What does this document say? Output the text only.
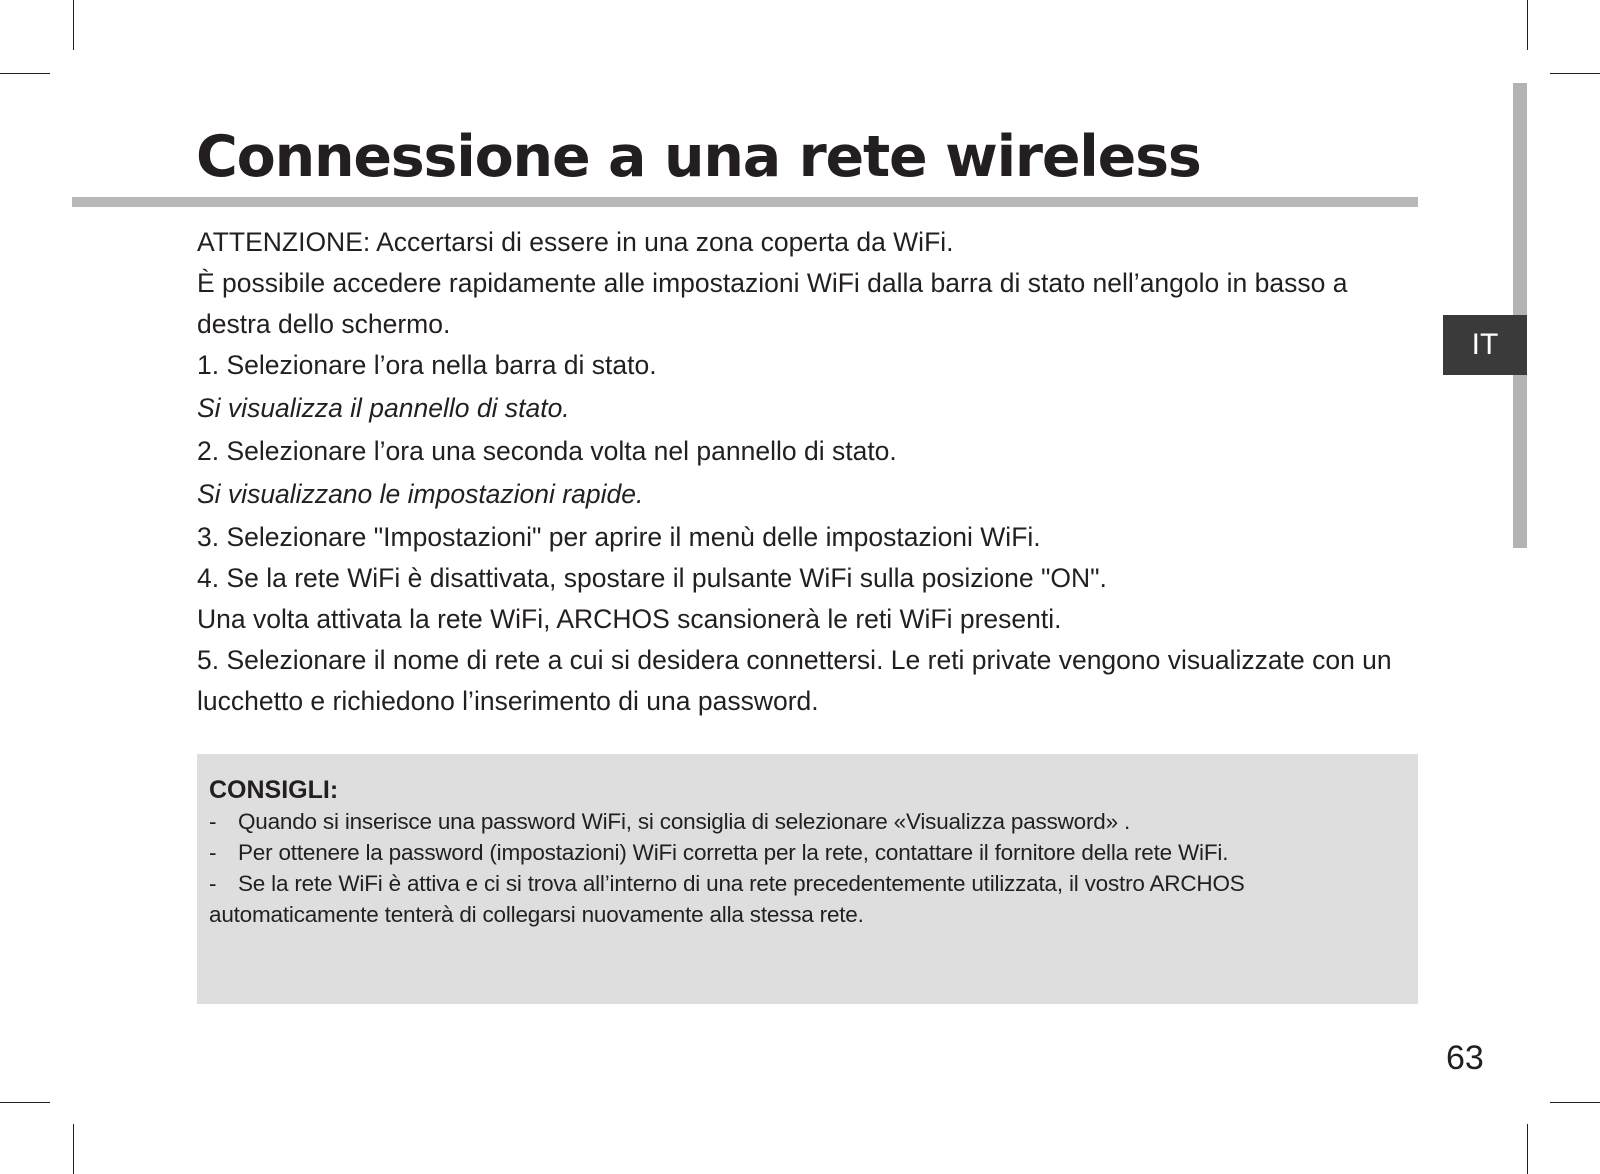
Connessione a una rete wireless
IT

ATTENZIONE: Accertarsi di essere in una zona coperta da WiFi.

È possibile accedere rapidamente alle impostazioni WiFi dalla barra di stato nell’angolo in basso a destra dello schermo.

1. Selezionare l’ora nella barra di stato.

Si visualizza il pannello di stato.

2. Selezionare l’ora una seconda volta nel pannello di stato.

Si visualizzano le impostazioni rapide.

3. Selezionare "Impostazioni" per aprire il menù delle impostazioni WiFi.

4. Se la rete WiFi è disattivata, spostare il pulsante WiFi sulla posizione "ON".

Una volta attivata la rete WiFi, ARCHOS scansionerà le reti WiFi presenti.

5. Selezionare il nome di rete a cui si desidera connettersi. Le reti private vengono visualizzate con un lucchetto e richiedono l’inserimento di una password.

CONSIGLI:
- Quando si inserisce una password WiFi, si consiglia di selezionare «Visualizza password» .
- Per ottenere la password (impostazioni) WiFi corretta per la rete, contattare il fornitore della rete WiFi.
- Se la rete WiFi è attiva e ci si trova all’interno di una rete precedentemente utilizzata, il vostro ARCHOS automaticamente tenterà di collegarsi nuovamente alla stessa rete.
63
